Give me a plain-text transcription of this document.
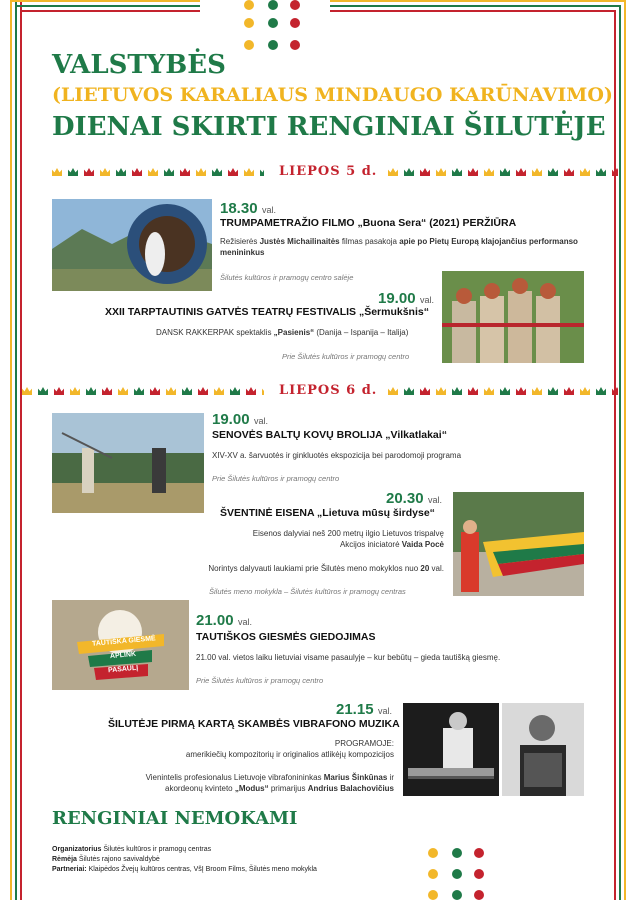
VALSTYBĖS
(LIETUVOS KARALIAUS MINDAUGO KARŪNAVIMO)
DIENAI SKIRTI RENGINIAI ŠILUTĖJE
LIEPOS 5 d.
18.30 val.
TRUMPAMETRAŽIO FILMO „Buona Sera“ (2021) PERŽIŪRA
Režisierės Justės Michailinaitės filmas pasakoja apie po Pietų Europą klajojančius performanso menininkus
Šilutės kultūros ir pramogų centro salėje
19.00 val.
XXII TARPTAUTINIS GATVĖS TEATRŲ FESTIVALIS „Šermukšnis“
DANSK RAKKERPAK spektaklis „Pasienis“ (Danija – Ispanija – Italija)
Prie Šilutės kultūros ir pramogų centro
LIEPOS 6 d.
19.00 val.
SENOVĖS BALTŲ KOVŲ BROLIJA „Vilkatlakai“
XIV-XV a. šarvuotės ir ginkluotės ekspozicija bei parodomoji programa
Prie Šilutės kultūros ir pramogų centro
20.30 val.
ŠVENTINĖ EISENA „Lietuva mūsų širdyse“
Eisenos dalyviai neš 200 metrų ilgio Lietuvos trispalvę
Akcijos iniciatorė Vaida Pocė
Norintys dalyvauti laukiami prie Šilutės meno mokyklos nuo 20 val.
Šilutės meno mokykla – Šilutės kultūros ir pramogų centras
TAUTIŠKA GIESMĖ
APLINK
PASAULĮ
21.00 val.
TAUTIŠKOS GIESMĖS GIEDOJIMAS
21.00 val. vietos laiku lietuviai visame pasaulyje – kur bebūtų – gieda tautišką giesmę.
Prie Šilutės kultūros ir pramogų centro
21.15 val.
ŠILUTĖJE PIRMĄ KARTĄ SKAMBĖS VIBRAFONO MUZIKA
PROGRAMOJE:
amerikiečių kompozitorių ir originalios atlikėjų kompozicijos
Vienintelis profesionalus Lietuvoje vibrafonininkas Marius Šinkūnas ir
akordeonų kvinteto „Modus“ primarijus Andrius Balachovičius
RENGINIAI NEMOKAMI
Organizatorius Šilutės kultūros ir pramogų centras
Rėmėja Šilutės rajono savivaldybė
Partneriai: Klaipėdos Žvejų kultūros centras, VšĮ Broom Films, Šilutės meno mokykla
